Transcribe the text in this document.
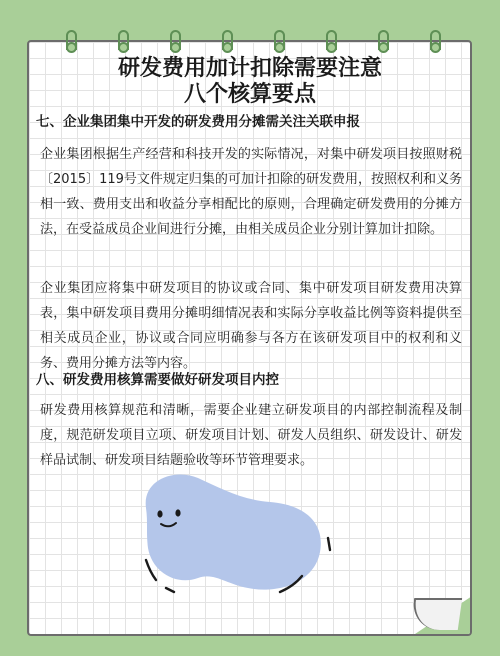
研发费用加计扣除需要注意
八个核算要点
七、企业集团集中开发的研发费用分摊需关注关联申报

企业集团根据生产经营和科技开发的实际情况，对集中研发项目按照财税〔2015〕119号文件规定归集的可加计扣除的研发费用，按照权利和义务相一致、费用支出和收益分享相配比的原则，合理确定研发费用的分摊方法，在受益成员企业间进行分摊，由相关成员企业分别计算加计扣除。

企业集团应将集中研发项目的协议或合同、集中研发项目研发费用决算表，集中研发项目费用分摊明细情况表和实际分享收益比例等资料提供至相关成员企业，协议或合同应明确参与各方在该研发项目中的权利和义务、费用分摊方法等内容。

八、研发费用核算需要做好研发项目内控

研发费用核算规范和清晰，需要企业建立研发项目的内部控制流程及制度，规范研发项目立项、研发项目计划、研发人员组织、研发设计、研发样品试制、研发项目结题验收等环节管理要求。
